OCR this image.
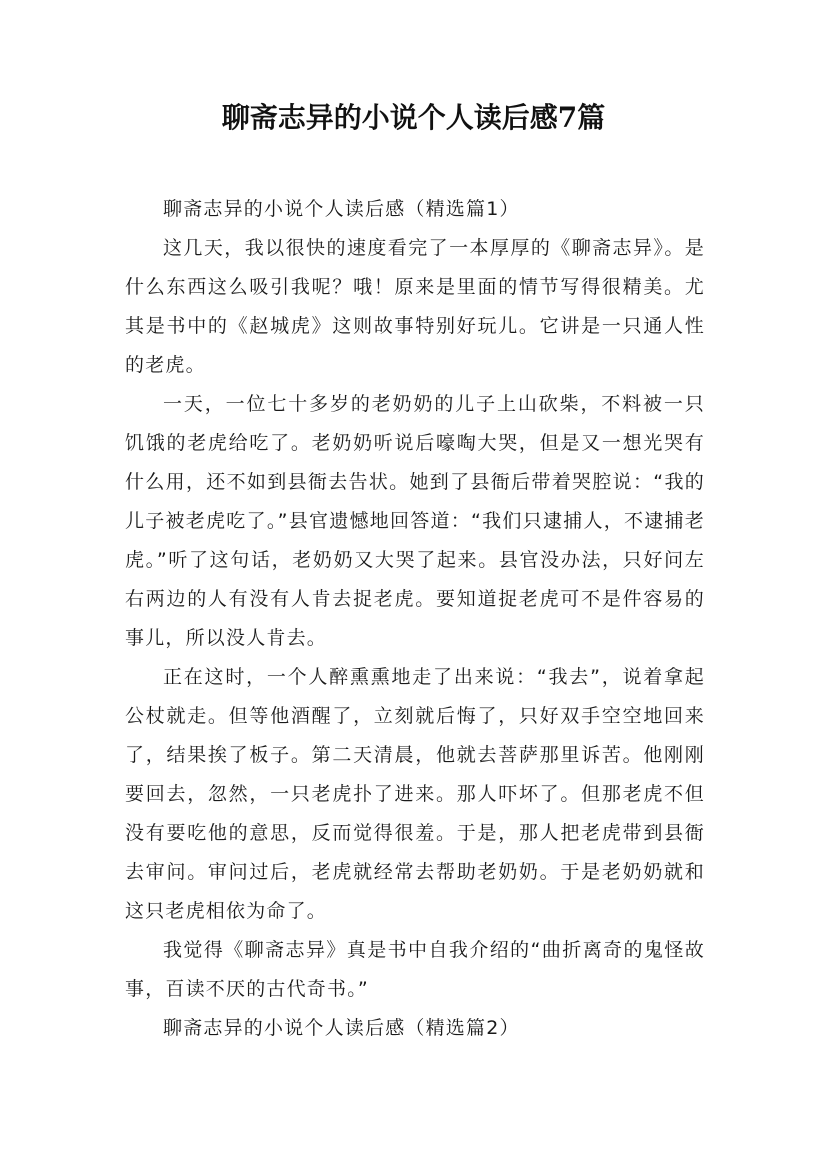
聊斋志异的小说个人读后感7篇

聊斋志异的小说个人读后感（精选篇1）

这几天，我以很快的速度看完了一本厚厚的《聊斋志异》。是什么东西这么吸引我呢？哦！原来是里面的情节写得很精美。尤其是书中的《赵城虎》这则故事特别好玩儿。它讲是一只通人性的老虎。

一天，一位七十多岁的老奶奶的儿子上山砍柴，不料被一只饥饿的老虎给吃了。老奶奶听说后嚎啕大哭，但是又一想光哭有什么用，还不如到县衙去告状。她到了县衙后带着哭腔说：“我的儿子被老虎吃了。”县官遗憾地回答道：“我们只逮捕人，不逮捕老虎。”听了这句话，老奶奶又大哭了起来。县官没办法，只好问左右两边的人有没有人肯去捉老虎。要知道捉老虎可不是件容易的事儿，所以没人肯去。

正在这时，一个人醉熏熏地走了出来说：“我去”，说着拿起公杖就走。但等他酒醒了，立刻就后悔了，只好双手空空地回来了，结果挨了板子。第二天清晨，他就去菩萨那里诉苦。他刚刚要回去，忽然，一只老虎扑了进来。那人吓坏了。但那老虎不但没有要吃他的意思，反而觉得很羞。于是，那人把老虎带到县衙去审问。审问过后，老虎就经常去帮助老奶奶。于是老奶奶就和这只老虎相依为命了。

我觉得《聊斋志异》真是书中自我介绍的“曲折离奇的鬼怪故事，百读不厌的古代奇书。”

聊斋志异的小说个人读后感（精选篇2）
